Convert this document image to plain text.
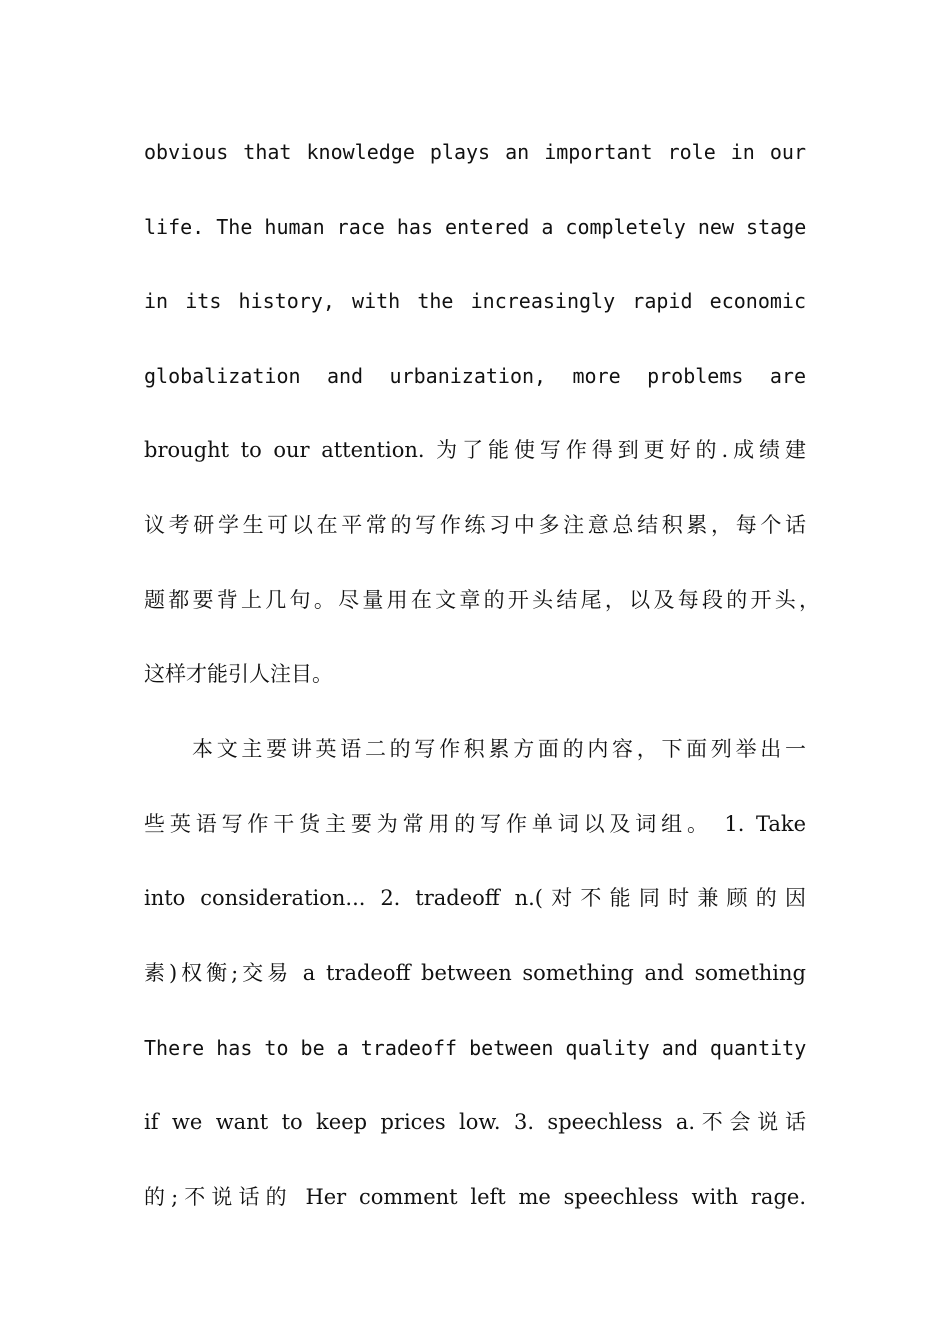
obvious that knowledge plays an important role in our
life. The human race has entered a completely new stage
in its history, with the increasingly rapid economic
globalization and urbanization, more problems are
brought to our attention. 为了能使写作得到更好的.成绩建
议考研学生可以在平常的写作练习中多注意总结积累，每个话
题都要背上几句。尽量用在文章的开头结尾，以及每段的开头，
这样才能引人注目。
本文主要讲英语二的写作积累方面的内容，下面列举出一
些英语写作干货主要为常用的写作单词以及词组。 1. Take
into consideration... 2. tradeoff n.(对不能同时兼顾的因
素)权衡;交易 a tradeoff between something and something
There has to be a tradeoff between quality and quantity
if we want to keep prices low. 3. speechless a.不会说话
的;不说话的 Her comment left me speechless with rage.
